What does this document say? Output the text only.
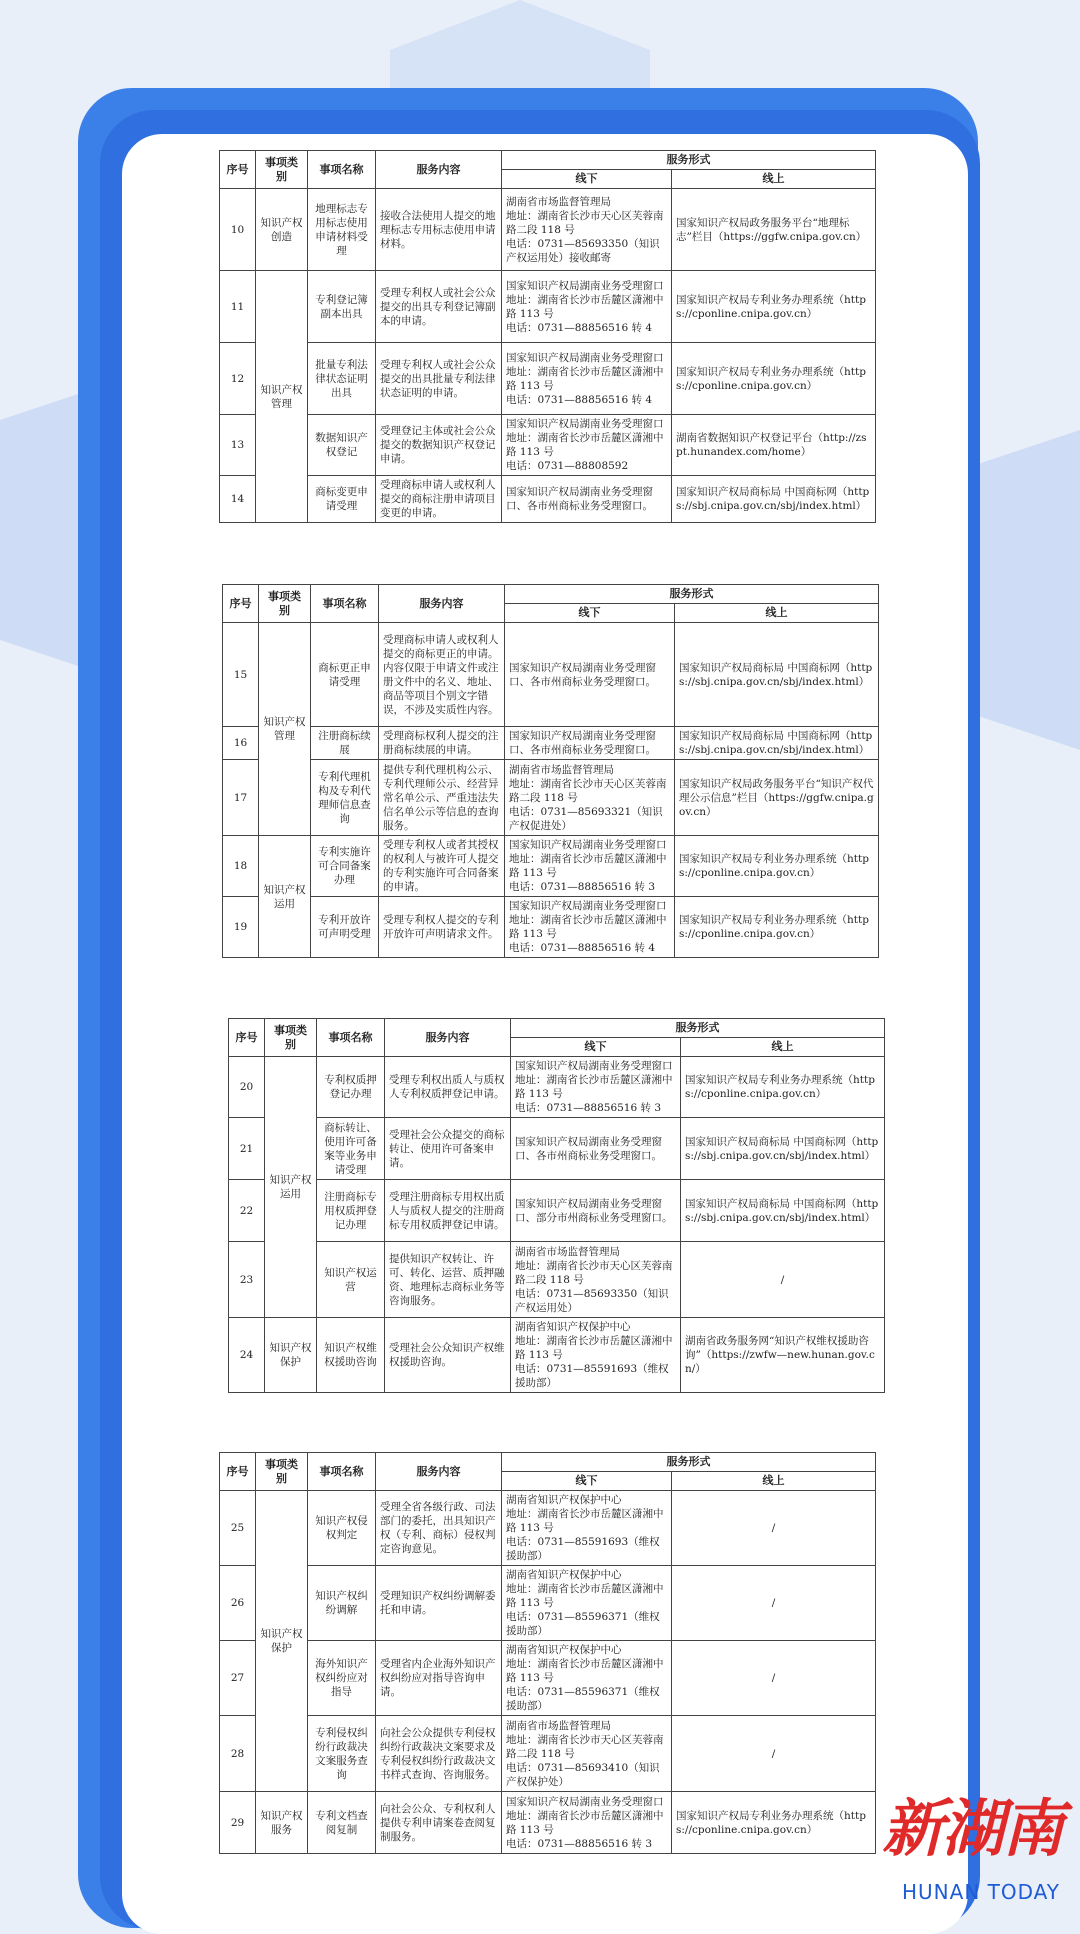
序号	事项类别	事项名称	服务内容	服务形式	
				线下	线上
10	知识产权创造	地理标志专用标志使用申请材料受理	接收合法使用人提交的地理标志专用标志使用申请材料。	湖南省市场监督管理局
地址：湖南省长沙市天心区芙蓉南路二段 118 号
电话：0731—85693350（知识产权运用处）接收邮寄	国家知识产权局政务服务平台“地理标志”栏目（https://ggfw.cnipa.gov.cn）
11	知识产权管理	专利登记簿副本出具	受理专利权人或社会公众提交的出具专利登记簿副本的申请。	国家知识产权局湖南业务受理窗口
地址：湖南省长沙市岳麓区潇湘中路 113 号
电话：0731—88856516 转 4	国家知识产权局专利业务办理系统（https://cponline.cnipa.gov.cn）
12		批量专利法律状态证明出具	受理专利权人或社会公众提交的出具批量专利法律状态证明的申请。	国家知识产权局湖南业务受理窗口
地址：湖南省长沙市岳麓区潇湘中路 113 号
电话：0731—88856516 转 4	国家知识产权局专利业务办理系统（https://cponline.cnipa.gov.cn）
13		数据知识产权登记	受理登记主体或社会公众提交的数据知识产权登记申请。	国家知识产权局湖南业务受理窗口
地址：湖南省长沙市岳麓区潇湘中路 113 号
电话：0731—88808592	湖南省数据知识产权登记平台（http://zspt.hunandex.com/home）
14		商标变更申请受理	受理商标申请人或权利人提交的商标注册申请项目变更的申请。	国家知识产权局湖南业务受理窗口、各市州商标业务受理窗口。	国家知识产权局商标局 中国商标网（https://sbj.cnipa.gov.cn/sbj/index.html）
序号	事项类别	事项名称	服务内容	服务形式	
				线下	线上
15	知识产权管理	商标更正申请受理	受理商标申请人或权利人提交的商标更正的申请。内容仅限于申请文件或注册文件中的名义、地址、商品等项目个别文字错误，不涉及实质性内容。	国家知识产权局湖南业务受理窗口、各市州商标业务受理窗口。	国家知识产权局商标局 中国商标网（https://sbj.cnipa.gov.cn/sbj/index.html）
16		注册商标续展	受理商标权利人提交的注册商标续展的申请。	国家知识产权局湖南业务受理窗口、各市州商标业务受理窗口。	国家知识产权局商标局 中国商标网（https://sbj.cnipa.gov.cn/sbj/index.html）
17		专利代理机构及专利代理师信息查询	提供专利代理机构公示、专利代理师公示、经营异常名单公示、严重违法失信名单公示等信息的查询服务。	湖南省市场监督管理局
地址：湖南省长沙市天心区芙蓉南路二段 118 号
电话：0731—85693321（知识产权促进处）	国家知识产权局政务服务平台“知识产权代理公示信息”栏目（https://ggfw.cnipa.gov.cn）
18	知识产权运用	专利实施许可合同备案办理	受理专利权人或者其授权的权利人与被许可人提交的专利实施许可合同备案的申请。	国家知识产权局湖南业务受理窗口
地址：湖南省长沙市岳麓区潇湘中路 113 号
电话：0731—88856516 转 3	国家知识产权局专利业务办理系统（https://cponline.cnipa.gov.cn）
19		专利开放许可声明受理	受理专利权人提交的专利开放许可声明请求文件。	国家知识产权局湖南业务受理窗口
地址：湖南省长沙市岳麓区潇湘中路 113 号
电话：0731—88856516 转 4	国家知识产权局专利业务办理系统（https://cponline.cnipa.gov.cn）
序号	事项类别	事项名称	服务内容	服务形式	
				线下	线上
20	知识产权运用	专利权质押登记办理	受理专利权出质人与质权人专利权质押登记申请。	国家知识产权局湖南业务受理窗口
地址：湖南省长沙市岳麓区潇湘中路 113 号
电话：0731—88856516 转 3	国家知识产权局专利业务办理系统（https://cponline.cnipa.gov.cn）
21		商标转让、使用许可备案等业务申请受理	受理社会公众提交的商标转让、使用许可备案申请。	国家知识产权局湖南业务受理窗口、各市州商标业务受理窗口。	国家知识产权局商标局 中国商标网（https://sbj.cnipa.gov.cn/sbj/index.html）
22		注册商标专用权质押登记办理	受理注册商标专用权出质人与质权人提交的注册商标专用权质押登记申请。	国家知识产权局湖南业务受理窗口、部分市州商标业务受理窗口。	国家知识产权局商标局 中国商标网（https://sbj.cnipa.gov.cn/sbj/index.html）
23		知识产权运营	提供知识产权转让、许可、转化、运营、质押融资、地理标志商标业务等咨询服务。	湖南省市场监督管理局
地址：湖南省长沙市天心区芙蓉南路二段 118 号
电话：0731—85693350（知识产权运用处）	/
24	知识产权保护	知识产权维权援助咨询	受理社会公众知识产权维权援助咨询。	湖南省知识产权保护中心
地址：湖南省长沙市岳麓区潇湘中路 113 号
电话：0731—85591693（维权援助部）	湖南省政务服务网“知识产权维权援助咨询”（https://zwfw—new.hunan.gov.cn/）
序号	事项类别	事项名称	服务内容	服务形式	
				线下	线上
25	知识产权保护	知识产权侵权判定	受理全省各级行政、司法部门的委托，出具知识产权（专利、商标）侵权判定咨询意见。	湖南省知识产权保护中心
地址：湖南省长沙市岳麓区潇湘中路 113 号
电话：0731—85591693（维权援助部）	/
26		知识产权纠纷调解	受理知识产权纠纷调解委托和申请。	湖南省知识产权保护中心
地址：湖南省长沙市岳麓区潇湘中路 113 号
电话：0731—85596371（维权援助部）	/
27		海外知识产权纠纷应对指导	受理省内企业海外知识产权纠纷应对指导咨询申请。	湖南省知识产权保护中心
地址：湖南省长沙市岳麓区潇湘中路 113 号
电话：0731—85596371（维权援助部）	/
28		专利侵权纠纷行政裁决文案服务查询	向社会公众提供专利侵权纠纷行政裁决文案要求及专利侵权纠纷行政裁决文书样式查询、咨询服务。	湖南省市场监督管理局
地址：湖南省长沙市天心区芙蓉南路二段 118 号
电话：0731—85693410（知识产权保护处）	/
29	知识产权服务	专利文档查阅复制	向社会公众、专利权利人提供专利申请案卷查阅复制服务。	国家知识产权局湖南业务受理窗口
地址：湖南省长沙市岳麓区潇湘中路 113 号
电话：0731—88856516 转 3	国家知识产权局专利业务办理系统（https://cponline.cnipa.gov.cn） 新湖南
HUNAN TODAY
